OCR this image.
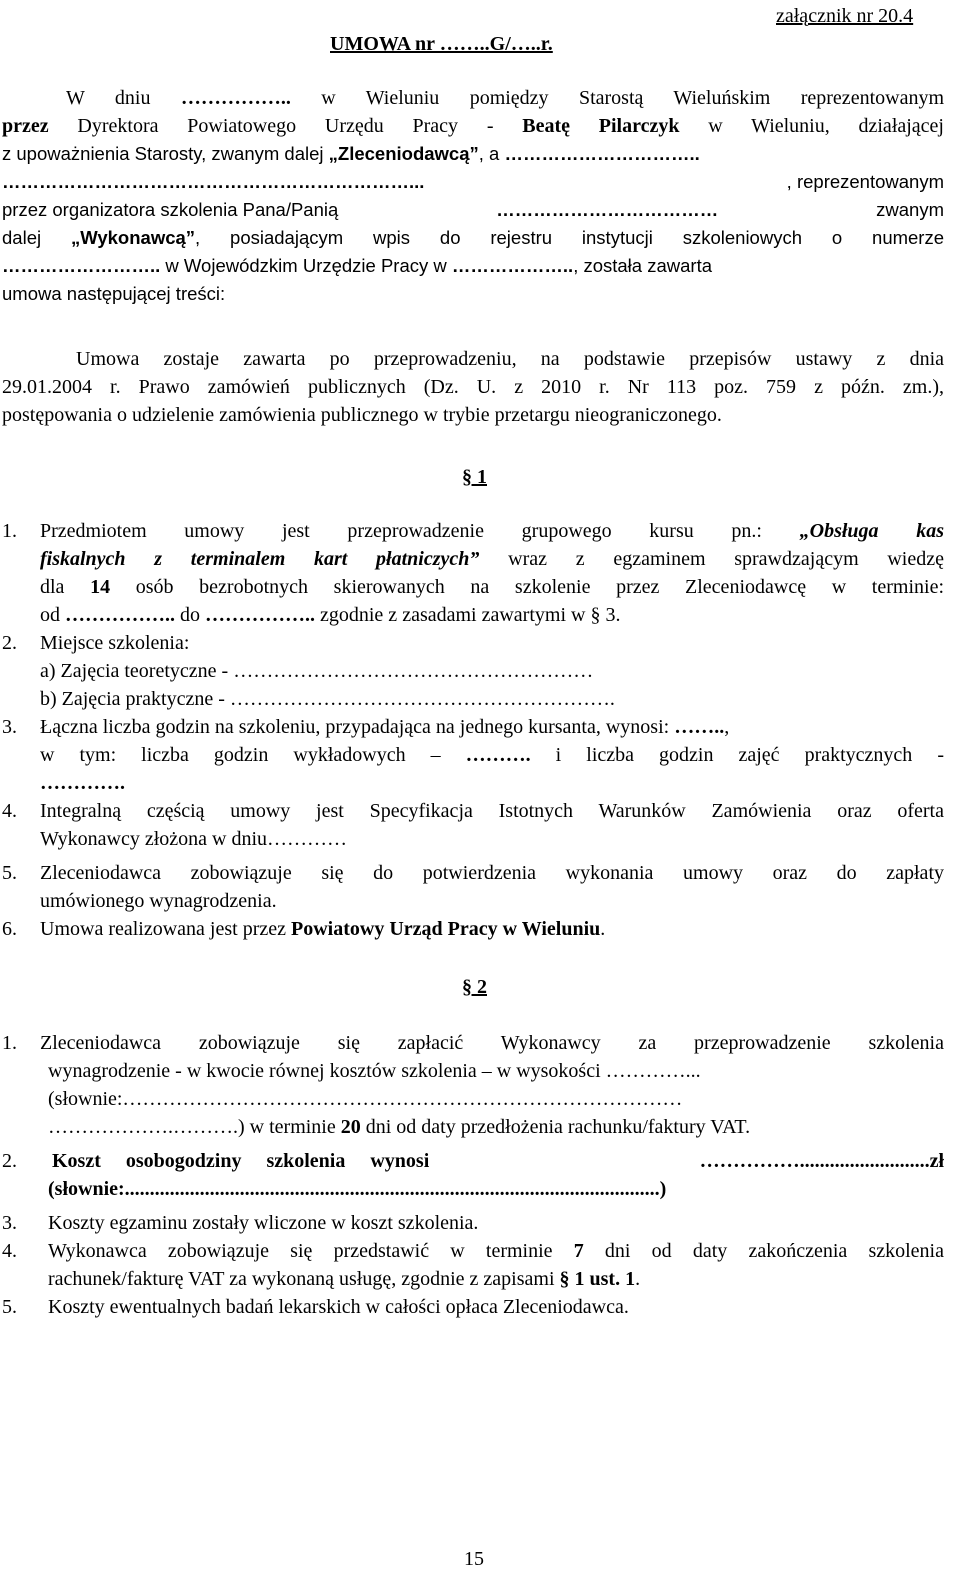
UMOWA nr ……..G/…..r.
załącznik nr 20.4
W dniu …………….. w Wieluniu pomiędzy Starostą Wieluńskim reprezentowanym
przez Dyrektora Powiatowego Urzędu Pracy - Beatę Pilarczyk w Wieluniu, działającej
z upoważnienia Starosty, zwanym dalej „Zleceniodawcą”, a …………………………..
…………………………………………………………...	, reprezentowanym
przez organizatora szkolenia Pana/Panią	………………………………	zwanym
dalej „Wykonawcą”, posiadającym wpis do rejestru instytucji szkoleniowych o numerze
…………………….. w Wojewódzkim Urzędzie Pracy w ……………….., została zawarta
umowa następującej treści:
Umowa zostaje zawarta po przeprowadzeniu, na podstawie przepisów ustawy z dnia
29.01.2004 r. Prawo zamówień publicznych (Dz. U. z 2010 r. Nr 113 poz. 759 z późn. zm.),
postępowania o udzielenie zamówienia publicznego w trybie przetargu nieograniczonego.
§ 1
1. Przedmiotem umowy jest przeprowadzenie grupowego kursu pn.: „Obsługa kas
fiskalnych z terminalem kart płatniczych” wraz z egzaminem sprawdzającym wiedzę
dla 14 osób bezrobotnych skierowanych na szkolenie przez Zleceniodawcę w terminie:
od …………….. do …………….. zgodnie z zasadami zawartymi w § 3.
2. Miejsce szkolenia:
a) Zajęcia teoretyczne - ………………………………………………
b) Zajęcia praktyczne - ………………………………………………….
3. Łączna liczba godzin na szkoleniu, przypadająca na jednego kursanta, wynosi: ……..,
w tym: liczba godzin wykładowych – ………. i liczba godzin zajęć praktycznych -
………….
4. Integralną częścią umowy jest Specyfikacja Istotnych Warunków Zamówienia oraz oferta
Wykonawcy złożona w dniu…………
5. Zleceniodawca zobowiązuje się do potwierdzenia wykonania umowy oraz do zapłaty
umówionego wynagrodzenia.
6. Umowa realizowana jest przez Powiatowy Urząd Pracy w Wieluniu.
§ 2
1. Zleceniodawca zobowiązuje się zapłacić Wykonawcy za przeprowadzenie szkolenia
wynagrodzenie - w kwocie równej kosztów szkolenia – w wysokości …………...
(słownie:…………………………………………………………………………
……………….……….) w terminie 20 dni od daty przedłożenia rachunku/faktury VAT.
2. Koszt osobogodziny szkolenia wynosi	……………..........................zł
(słownie:...........................................................................................................)
3. Koszty egzaminu zostały wliczone w koszt szkolenia.
4. Wykonawca zobowiązuje się przedstawić w terminie 7 dni od daty zakończenia szkolenia
rachunek/fakturę VAT za wykonaną usługę, zgodnie z zapisami § 1 ust. 1.
5. Koszty ewentualnych badań lekarskich w całości opłaca Zleceniodawca.
15
